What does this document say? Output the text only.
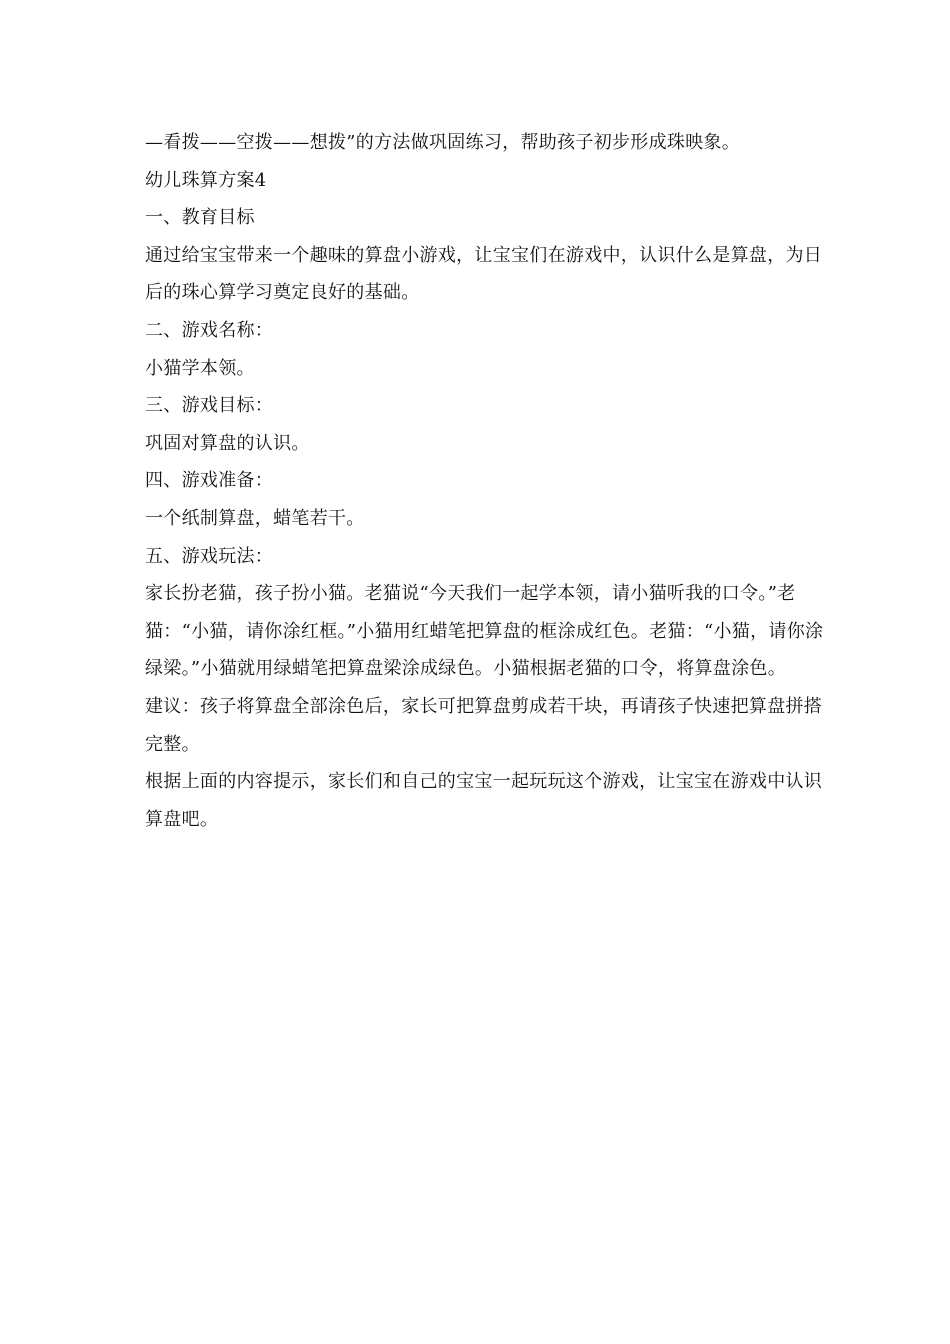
—看拨——空拨——想拨”的方法做巩固练习，帮助孩子初步形成珠映象。

幼儿珠算方案4

一、教育目标

通过给宝宝带来一个趣味的算盘小游戏，让宝宝们在游戏中，认识什么是算盘，为日后的珠心算学习奠定良好的基础。

二、游戏名称：

小猫学本领。

三、游戏目标：

巩固对算盘的认识。

四、游戏准备：

一个纸制算盘，蜡笔若干。

五、游戏玩法：

家长扮老猫，孩子扮小猫。老猫说“今天我们一起学本领，请小猫听我的口令。”老猫：“小猫，请你涂红框。”小猫用红蜡笔把算盘的框涂成红色。老猫：“小猫，请你涂绿梁。”小猫就用绿蜡笔把算盘梁涂成绿色。小猫根据老猫的口令，将算盘涂色。

建议：孩子将算盘全部涂色后，家长可把算盘剪成若干块，再请孩子快速把算盘拼搭完整。

根据上面的内容提示，家长们和自己的宝宝一起玩玩这个游戏，让宝宝在游戏中认识算盘吧。
